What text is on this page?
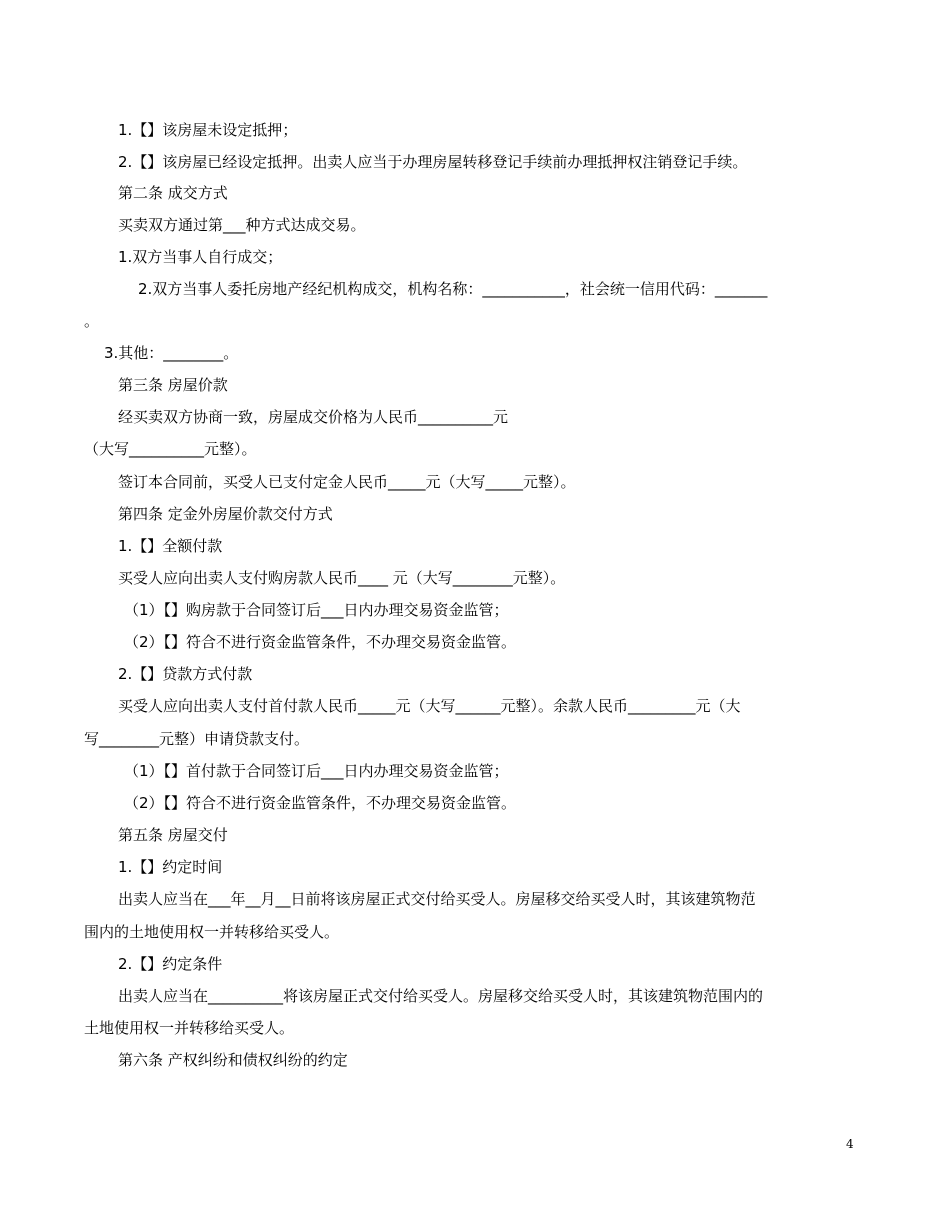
1.【】该房屋未设定抵押；
2.【】该房屋已经设定抵押。出卖人应当于办理房屋转移登记手续前办理抵押权注销登记手续。
第二条 成交方式
买卖双方通过第___种方式达成交易。
1.双方当事人自行成交；
2.双方当事人委托房地产经纪机构成交，机构名称：___________，社会统一信用代码：_______
。
3.其他：________。
第三条 房屋价款
经买卖双方协商一致，房屋成交价格为人民币__________元
（大写__________元整）。
签订本合同前，买受人已支付定金人民币_____元（大写_____元整）。
第四条 定金外房屋价款交付方式
1.【】全额付款
买受人应向出卖人支付购房款人民币____ 元（大写________元整）。
（1）【】购房款于合同签订后___日内办理交易资金监管；
（2）【】符合不进行资金监管条件，不办理交易资金监管。
2.【】贷款方式付款
买受人应向出卖人支付首付款人民币_____元（大写______元整）。余款人民币_________元（大
写________元整）申请贷款支付。
（1）【】首付款于合同签订后___日内办理交易资金监管；
（2）【】符合不进行资金监管条件，不办理交易资金监管。
第五条 房屋交付
1.【】约定时间
出卖人应当在___年__月__日前将该房屋正式交付给买受人。房屋移交给买受人时，其该建筑物范
围内的土地使用权一并转移给买受人。
2.【】约定条件
出卖人应当在__________将该房屋正式交付给买受人。房屋移交给买受人时，其该建筑物范围内的
土地使用权一并转移给买受人。
第六条 产权纠纷和债权纠纷的约定
4
